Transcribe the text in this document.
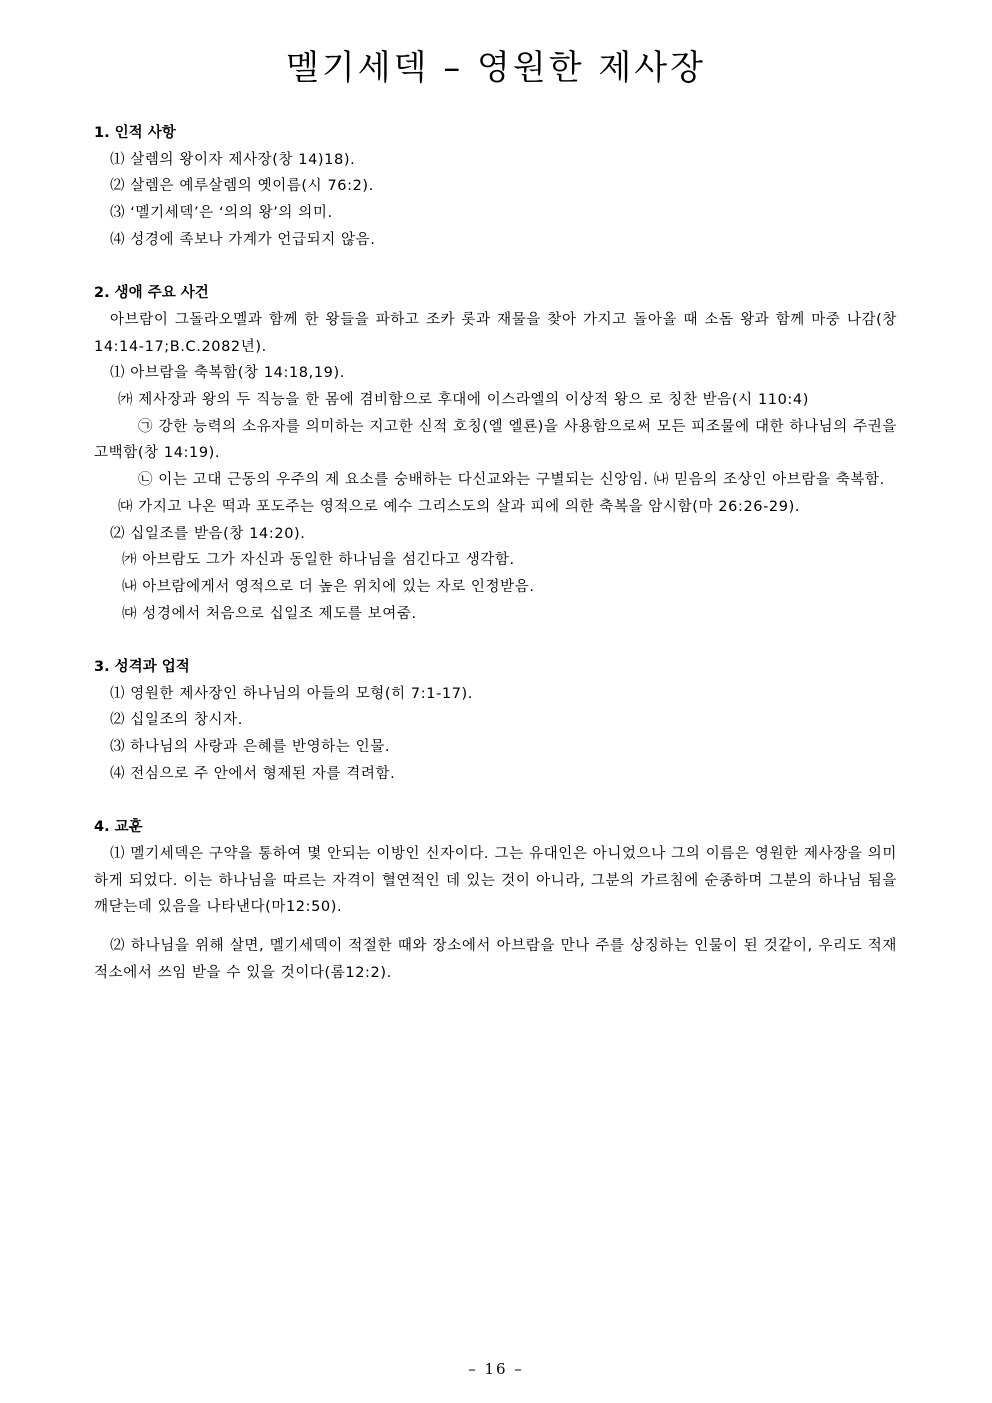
멜기세덱 – 영원한 제사장

1. 인적 사항

⑴ 살렘의 왕이자 제사장(창 14)18).

⑵ 살렘은 예루살렘의 옛이름(시 76:2).

⑶ ‘멜기세덱’은 ‘의의 왕’의 의미.

⑷ 성경에 족보나 가계가 언급되지 않음.

2. 생애 주요 사건

아브람이 그돌라오멜과 함께 한 왕들을 파하고 조카 롯과 재물을 찾아 가지고 돌아올 때 소돔 왕과 함께 마중 나감(창 14:14-17;B.C.2082년).

⑴ 아브람을 축복함(창 14:18,19).

㈎ 제사장과 왕의 두 직능을 한 몸에 겸비함으로 후대에 이스라엘의 이상적 왕으 로 칭찬 받음(시 110:4)

㉠ 강한 능력의 소유자를 의미하는 지고한 신적 호칭(엘 엘룐)을 사용함으로써 모든 피조물에 대한 하나님의 주권을 고백함(창 14:19).

㉡ 이는 고대 근동의 우주의 제 요소를 숭배하는 다신교와는 구별되는 신앙임. ㈏ 믿음의 조상인 아브람을 축복함.

㈐ 가지고 나온 떡과 포도주는 영적으로 예수 그리스도의 살과 피에 의한 축복을 암시함(마 26:26-29).

⑵ 십일조를 받음(창 14:20).

㈎ 아브람도 그가 자신과 동일한 하나님을 섬긴다고 생각함.

㈏ 아브람에게서 영적으로 더 높은 위치에 있는 자로 인정받음.

㈐ 성경에서 처음으로 십일조 제도를 보여줌.

3. 성격과 업적

⑴ 영원한 제사장인 하나님의 아들의 모형(히 7:1-17).

⑵ 십일조의 창시자.

⑶ 하나님의 사랑과 은혜를 반영하는 인물.

⑷ 전심으로 주 안에서 형제된 자를 격려함.

4. 교훈

⑴ 멜기세덱은 구약을 통하여 몇 안되는 이방인 신자이다. 그는 유대인은 아니었으나 그의 이름은 영원한 제사장을 의미하게 되었다. 이는 하나님을 따르는 자격이 혈연적인 데 있는 것이 아니라, 그분의 가르침에 순종하며 그분의 하나님 됨을 깨닫는데 있음을 나타낸다(마12:50).

⑵ 하나님을 위해 살면, 멜기세덱이 적절한 때와 장소에서 아브람을 만나 주를 상징하는 인물이 된 것같이, 우리도 적재 적소에서 쓰임 받을 수 있을 것이다(롬12:2).

– 16 –
